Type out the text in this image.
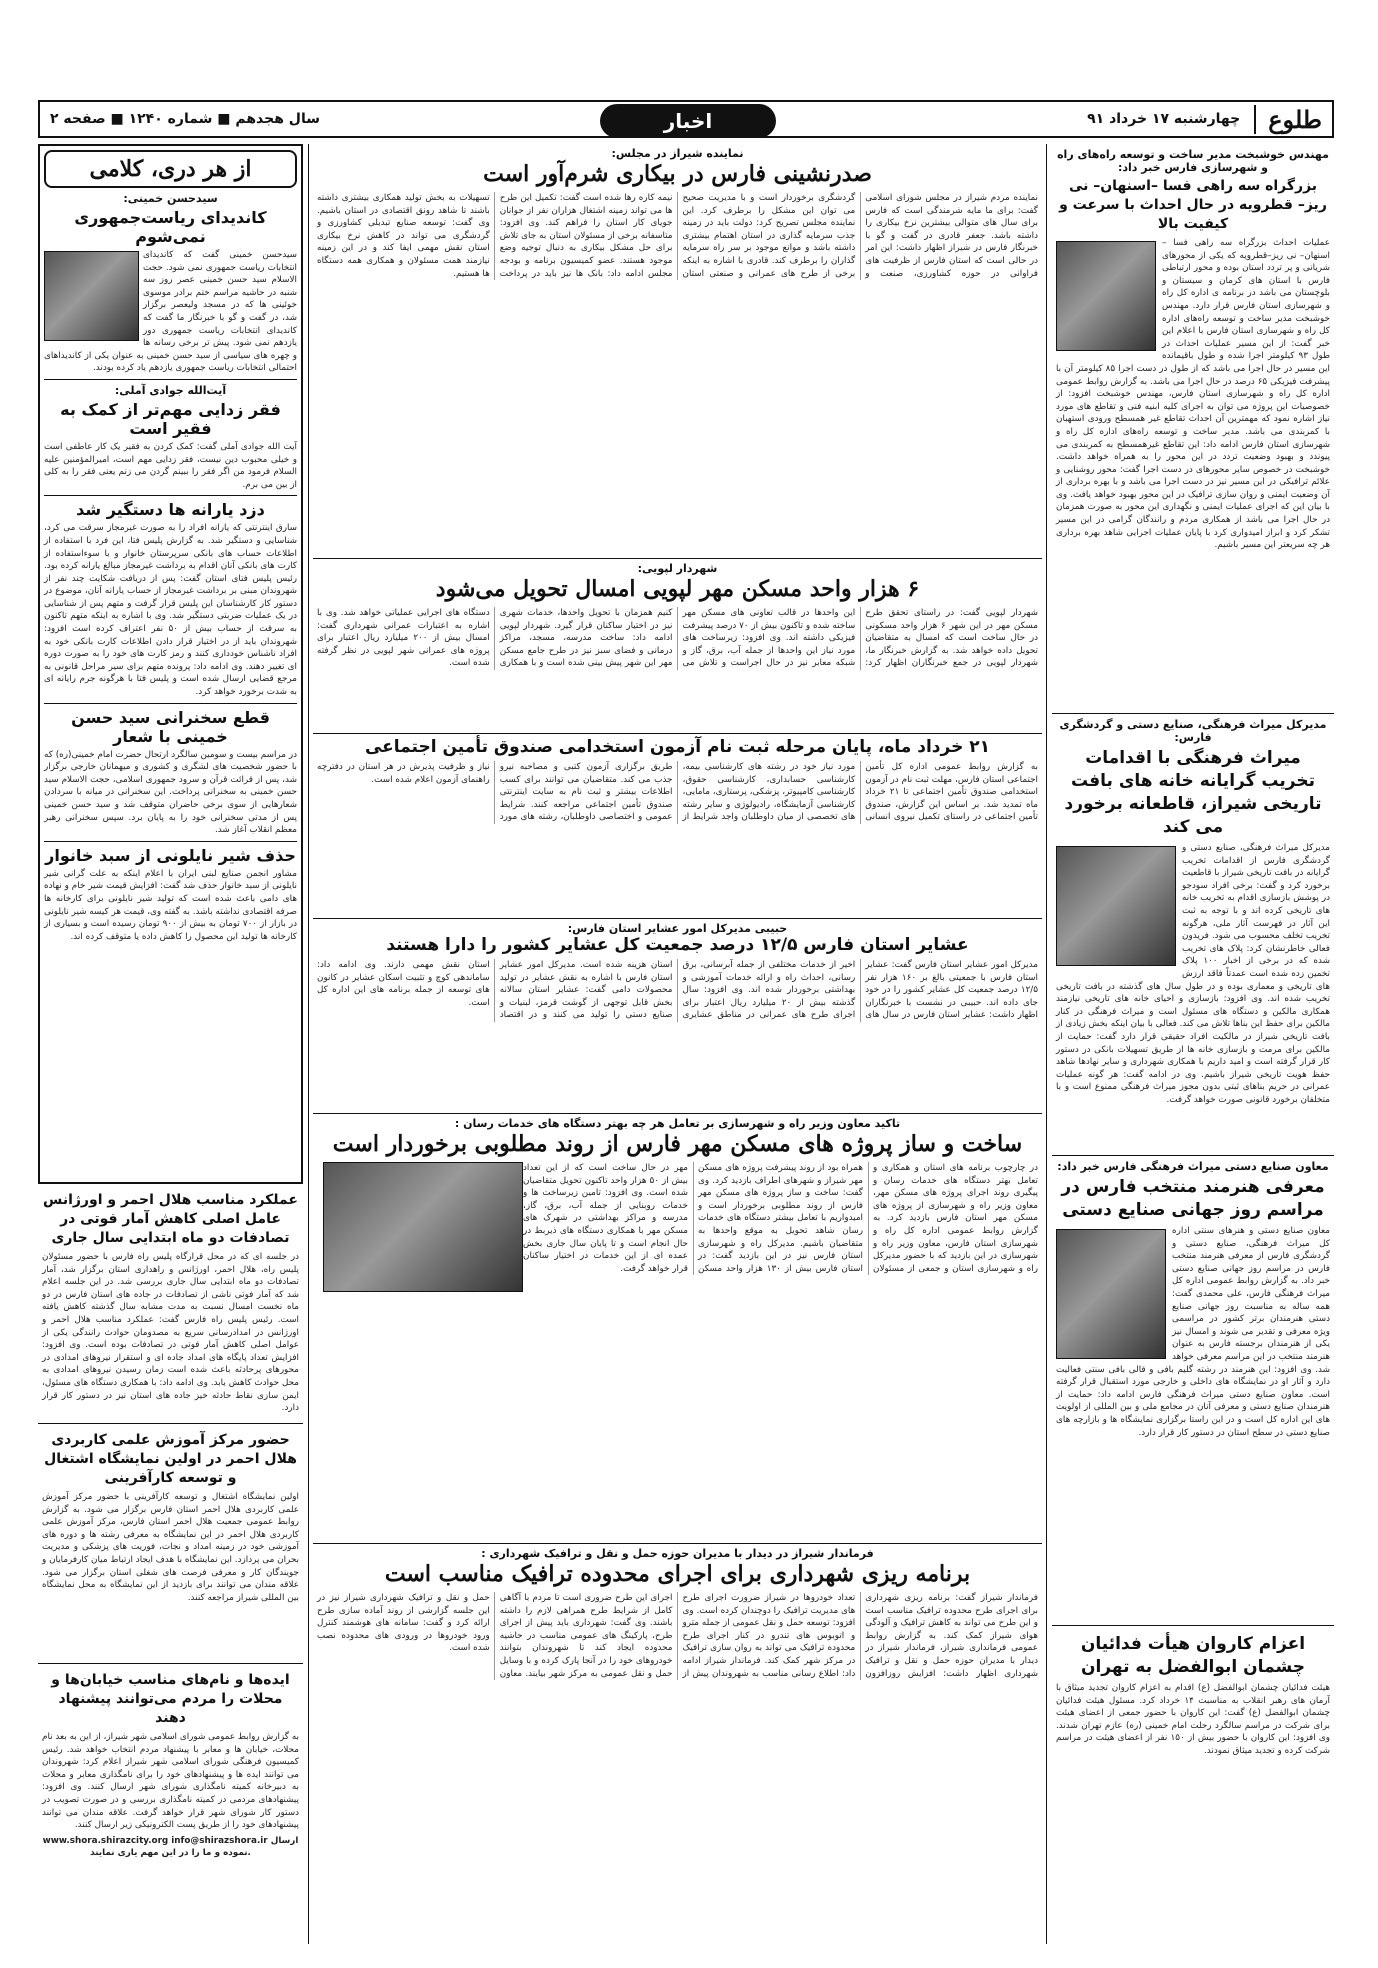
طلوع
چهارشنبه ۱۷ خرداد ۹۱
اخبار
سال هجدهم ■ شماره ۱۲۴۰ ■ صفحه ۲
مهندس خوشبخت مدیر ساخت و توسعه راه‌های راه و شهرسازی فارس خبر داد:
بزرگراه سه راهی فسا –اسنهان– نی ریز– قطرویه در حال احداث با سرعت و کیفیت بالا
عملیات احداث بزرگراه سه راهی فسا –اسنهان– نی ریز–قطرویه که یکی از محورهای شریانی و پر تردد استان بوده و محور ارتباطی فارس با استان های کرمان و سیستان و بلوچستان می باشد در برنامه ی اداره کل راه و شهرسازی استان فارس قرار دارد. مهندس خوشبخت مدیر ساخت و توسعه راه‌های اداره کل راه و شهرسازی استان فارس با اعلام این خبر گفت: از این مسیر عملیات احداث در طول ۹۳ کیلومتر اجرا شده و طول باقیمانده این مسیر در حال اجرا می باشد که از طول در دست اجرا ۸۵ کیلومتر آن با پیشرفت فیزیکی ۶۵ درصد در حال اجرا می باشد. به گزارش روابط عمومی اداره کل راه و شهرسازی استان فارس، مهندس خوشبخت افزود: از خصوصیات این پروژه می توان به اجرای کلیه ابنیه فنی و تقاطع های مورد نیاز اشاره نمود که مهمترین آن احداث تقاطع غیر همسطح ورودی استهبان با کمربندی می باشد. مدیر ساخت و توسعه راه‌های اداره کل راه و شهرسازی استان فارس ادامه داد: این تقاطع غیرهمسطح به کمربندی می پیوندد و بهبود وضعیت تردد در این محور را به همراه خواهد داشت. خوشبخت در خصوص سایر محورهای در دست اجرا گفت: محور روشنایی و علائم ترافیکی در این مسیر نیز در دست اجرا می باشد و با بهره برداری از آن وضعیت ایمنی و روان سازی ترافیک در این محور بهبود خواهد یافت. وی با بیان این که اجرای عملیات ایمنی و نگهداری این محور به صورت همزمان در حال اجرا می باشد از همکاری مردم و رانندگان گرامی در این مسیر تشکر کرد و ابراز امیدواری کرد با پایان عملیات اجرایی شاهد بهره برداری هر چه سریعتر این مسیر باشیم.
مدیرکل میراث فرهنگی، صنایع دستی و گردشگری فارس:
میراث فرهنگی با اقدامات تخریب گرایانه خانه های بافت تاریخی شیراز، قاطعانه برخورد می کند
مدیرکل میراث فرهنگی، صنایع دستی و گردشگری فارس از اقدامات تخریب گرایانه در بافت تاریخی شیراز با قاطعیت برخورد کرد و گفت: برخی افراد سودجو در پوشش بازسازی اقدام به تخریب خانه های تاریخی کرده اند و با توجه به ثبت این آثار در فهرست آثار ملی، هرگونه تخریب تخلف محسوب می شود. فریدون فعالی خاطرنشان کرد: پلاک های تخریب شده که در برخی از اخبار ۱۰۰ پلاک تخمین زده شده است عمدتاً فاقد ارزش های تاریخی و معماری بوده و در طول سال های گذشته در بافت تاریخی تخریب شده اند. وی افزود: بازسازی و احیای خانه های تاریخی نیازمند همکاری مالکین و دستگاه های مسئول است و میراث فرهنگی در کنار مالکین برای حفظ این بناها تلاش می کند. فعالی با بیان اینکه بخش زیادی از بافت تاریخی شیراز در مالکیت افراد حقیقی قرار دارد گفت: حمایت از مالکین برای مرمت و بازسازی خانه ها از طریق تسهیلات بانکی در دستور کار قرار گرفته است و امید داریم با همکاری شهرداری و سایر نهادها شاهد حفظ هویت تاریخی شیراز باشیم. وی در ادامه گفت: هر گونه عملیات عمرانی در حریم بناهای ثبتی بدون مجوز میراث فرهنگی ممنوع است و با متخلفان برخورد قانونی صورت خواهد گرفت.
معاون صنایع دستی میراث فرهنگی فارس خبر داد:
معرفی هنرمند منتخب فارس در مراسم روز جهانی صنایع دستی
معاون صنایع دستی و هنرهای سنتی اداره کل میراث فرهنگی، صنایع دستی و گردشگری فارس از معرفی هنرمند منتخب فارس در مراسم روز جهانی صنایع دستی خبر داد. به گزارش روابط عمومی اداره کل میراث فرهنگی فارس، علی محمدی گفت: همه ساله به مناسبت روز جهانی صنایع دستی هنرمندان برتر کشور در مراسمی ویژه معرفی و تقدیر می شوند و امسال نیز یکی از هنرمندان برجسته فارس به عنوان هنرمند منتخب در این مراسم معرفی خواهد شد. وی افزود: این هنرمند در رشته گلیم بافی و قالی بافی سنتی فعالیت دارد و آثار او در نمایشگاه های داخلی و خارجی مورد استقبال قرار گرفته است. معاون صنایع دستی میراث فرهنگی فارس ادامه داد: حمایت از هنرمندان صنایع دستی و معرفی آنان در مجامع ملی و بین المللی از اولویت های این اداره کل است و در این راستا برگزاری نمایشگاه ها و بازارچه های صنایع دستی در سطح استان در دستور کار قرار دارد.
اعزام کاروان هیأت فدائیان چشمان ابوالفضل به تهران
هیئت فدائیان چشمان ابوالفضل (ع) اقدام به اعزام کاروان تجدید میثاق با آرمان های رهبر انقلاب به مناسبت ۱۴ خرداد کرد. مسئول هیئت فدائیان چشمان ابوالفضل (ع) گفت: این کاروان با حضور جمعی از اعضای هیئت برای شرکت در مراسم سالگرد رحلت امام خمینی (ره) عازم تهران شدند. وی افزود: این کاروان با حضور بیش از ۱۵۰ نفر از اعضای هیئت در مراسم شرکت کرده و تجدید میثاق نمودند.
نماینده شیراز در مجلس:
صدرنشینی فارس در بیکاری شرم‌آور است
نماینده مردم شیراز در مجلس شورای اسلامی گفت: برای ما مایه شرمندگی است که فارس برای سال های متوالی بیشترین نرخ بیکاری را داشته باشد. جعفر قادری در گفت و گو با خبرنگار فارس در شیراز اظهار داشت: این امر در حالی است که استان فارس از ظرفیت های فراوانی در حوزه کشاورزی، صنعت و گردشگری برخوردار است و با مدیریت صحیح می توان این مشکل را برطرف کرد. این نماینده مجلس تصریح کرد: دولت باید در زمینه جذب سرمایه گذاری در استان اهتمام بیشتری داشته باشد و موانع موجود بر سر راه سرمایه گذاران را برطرف کند. قادری با اشاره به اینکه برخی از طرح های عمرانی و صنعتی استان نیمه کاره رها شده است گفت: تکمیل این طرح ها می تواند زمینه اشتغال هزاران نفر از جوانان جویای کار استان را فراهم کند. وی افزود: متاسفانه برخی از مسئولان استان به جای تلاش برای حل مشکل بیکاری به دنبال توجیه وضع موجود هستند. عضو کمیسیون برنامه و بودجه مجلس ادامه داد: بانک ها نیز باید در پرداخت تسهیلات به بخش تولید همکاری بیشتری داشته باشند تا شاهد رونق اقتصادی در استان باشیم. وی گفت: توسعه صنایع تبدیلی کشاورزی و گردشگری می تواند در کاهش نرخ بیکاری استان نقش مهمی ایفا کند و در این زمینه نیازمند همت مسئولان و همکاری همه دستگاه ها هستیم.
شهردار لپویی:
۶ هزار واحد مسکن مهر لپویی امسال تحویل می‌شود
شهردار لپویی گفت: در راستای تحقق طرح مسکن مهر در این شهر ۶ هزار واحد مسکونی در حال ساخت است که امسال به متقاضیان تحویل داده خواهد شد. به گزارش خبرنگار ما، شهردار لپویی در جمع خبرنگاران اظهار کرد: این واحدها در قالب تعاونی های مسکن مهر ساخته شده و تاکنون بیش از ۷۰ درصد پیشرفت فیزیکی داشته اند. وی افزود: زیرساخت های مورد نیاز این واحدها از جمله آب، برق، گاز و شبکه معابر نیز در حال اجراست و تلاش می کنیم همزمان با تحویل واحدها، خدمات شهری نیز در اختیار ساکنان قرار گیرد. شهردار لپویی ادامه داد: ساخت مدرسه، مسجد، مراکز درمانی و فضای سبز نیز در طرح جامع مسکن مهر این شهر پیش بینی شده است و با همکاری دستگاه های اجرایی عملیاتی خواهد شد. وی با اشاره به اعتبارات عمرانی شهرداری گفت: امسال بیش از ۲۰۰ میلیارد ریال اعتبار برای پروژه های عمرانی شهر لپویی در نظر گرفته شده است.
۲۱ خرداد ماه، پایان مرحله ثبت نام آزمون استخدامی صندوق تأمین اجتماعی
به گزارش روابط عمومی اداره کل تأمین اجتماعی استان فارس، مهلت ثبت نام در آزمون استخدامی صندوق تأمین اجتماعی تا ۲۱ خرداد ماه تمدید شد. بر اساس این گزارش، صندوق تأمین اجتماعی در راستای تکمیل نیروی انسانی مورد نیاز خود در رشته های کارشناسی بیمه، کارشناسی حسابداری، کارشناسی حقوق، کارشناسی کامپیوتر، پزشکی، پرستاری، مامایی، کارشناسی آزمایشگاه، رادیولوژی و سایر رشته های تخصصی از میان داوطلبان واجد شرایط از طریق برگزاری آزمون کتبی و مصاحبه نیرو جذب می کند. متقاضیان می توانند برای کسب اطلاعات بیشتر و ثبت نام به سایت اینترنتی صندوق تأمین اجتماعی مراجعه کنند. شرایط عمومی و اختصاصی داوطلبان، رشته های مورد نیاز و ظرفیت پذیرش در هر استان در دفترچه راهنمای آزمون اعلام شده است.
حبیبی مدیرکل امور عشایر استان فارس:
عشایر استان فارس ۱۲/۵ درصد جمعیت کل عشایر کشور را دارا هستند
مدیرکل امور عشایر استان فارس گفت: عشایر استان فارس با جمعیتی بالغ بر ۱۶۰ هزار نفر ۱۲/۵ درصد جمعیت کل عشایر کشور را در خود جای داده اند. حبیبی در نشست با خبرنگاران اظهار داشت: عشایر استان فارس در سال های اخیر از خدمات مختلفی از جمله آبرسانی، برق رسانی، احداث راه و ارائه خدمات آموزشی و بهداشتی برخوردار شده اند. وی افزود: سال گذشته بیش از ۲۰ میلیارد ریال اعتبار برای اجرای طرح های عمرانی در مناطق عشایری استان هزینه شده است. مدیرکل امور عشایر استان فارس با اشاره به نقش عشایر در تولید محصولات دامی گفت: عشایر استان سالانه بخش قابل توجهی از گوشت قرمز، لبنیات و صنایع دستی را تولید می کنند و در اقتصاد استان نقش مهمی دارند. وی ادامه داد: ساماندهی کوچ و تثبیت اسکان عشایر در کانون های توسعه از جمله برنامه های این اداره کل است.
تاکید معاون وزیر راه و شهرسازی بر تعامل هر چه بهتر دستگاه های خدمات رسان :
ساخت و ساز پروژه های مسکن مهر فارس از روند مطلوبی برخوردار است
در چارچوب برنامه های استان و همکاری و تعامل بهتر دستگاه های خدمات رسان و پیگیری روند اجرای پروژه های مسکن مهر، معاون وزیر راه و شهرسازی از پروژه های مسکن مهر استان فارس بازدید کرد. به گزارش روابط عمومی اداره کل راه و شهرسازی استان فارس، معاون وزیر راه و شهرسازی در این بازدید که با حضور مدیرکل راه و شهرسازی استان و جمعی از مسئولان همراه بود از روند پیشرفت پروژه های مسکن مهر شیراز و شهرهای اطراف بازدید کرد. وی گفت: ساخت و ساز پروژه های مسکن مهر فارس از روند مطلوبی برخوردار است و امیدواریم با تعامل بیشتر دستگاه های خدمات رسان شاهد تحویل به موقع واحدها به متقاضیان باشیم. مدیرکل راه و شهرسازی استان فارس نیز در این بازدید گفت: در استان فارس بیش از ۱۳۰ هزار واحد مسکن مهر در حال ساخت است که از این تعداد بیش از ۵۰ هزار واحد تاکنون تحویل متقاضیان شده است. وی افزود: تامین زیرساخت ها و خدمات روبنایی از جمله آب، برق، گاز، مدرسه و مراکز بهداشتی در شهرک های مسکن مهر با همکاری دستگاه های ذیربط در حال انجام است و تا پایان سال جاری بخش عمده ای از این خدمات در اختیار ساکنان قرار خواهد گرفت.
فرماندار شیراز در دیدار با مدیران حوزه حمل و نقل و ترافیک شهرداری :
برنامه ریزی شهرداری برای اجرای محدوده ترافیک مناسب است
فرماندار شیراز گفت: برنامه ریزی شهرداری برای اجرای طرح محدوده ترافیک مناسب است و این طرح می تواند به کاهش ترافیک و آلودگی هوای شیراز کمک کند. به گزارش روابط عمومی فرمانداری شیراز، فرماندار شیراز در دیدار با مدیران حوزه حمل و نقل و ترافیک شهرداری اظهار داشت: افزایش روزافزون تعداد خودروها در شیراز ضرورت اجرای طرح های مدیریت ترافیک را دوچندان کرده است. وی افزود: توسعه حمل و نقل عمومی از جمله مترو و اتوبوس های تندرو در کنار اجرای طرح محدوده ترافیک می تواند به روان سازی ترافیک در مرکز شهر کمک کند. فرماندار شیراز ادامه داد: اطلاع رسانی مناسب به شهروندان پیش از اجرای این طرح ضروری است تا مردم با آگاهی کامل از شرایط طرح همراهی لازم را داشته باشند. وی گفت: شهرداری باید پیش از اجرای طرح، پارکینگ های عمومی مناسب در حاشیه محدوده ایجاد کند تا شهروندان بتوانند خودروهای خود را در آنجا پارک کرده و با وسایل حمل و نقل عمومی به مرکز شهر بیایند. معاون حمل و نقل و ترافیک شهرداری شیراز نیز در این جلسه گزارشی از روند آماده سازی طرح ارائه کرد و گفت: سامانه های هوشمند کنترل ورود خودروها در ورودی های محدوده نصب شده است.
از هر دری، کلامی
سیدحسن خمینی:
کاندیدای ریاست‌جمهوری نمی‌شوم
سیدحسن خمینی گفت که کاندیدای انتخابات ریاست جمهوری نمی شود. حجت الاسلام سید حسن خمینی عصر روز سه شنبه در حاشیه مراسم ختم برادر موسوی خوئینی ها که در مسجد ولیعصر برگزار شد، در گفت و گو با خبرنگار ما گفت که کاندیدای انتخابات ریاست جمهوری دور یازدهم نمی شود. پیش تر برخی رسانه ها و چهره های سیاسی از سید حسن خمینی به عنوان یکی از کاندیداهای احتمالی انتخابات ریاست جمهوری یازدهم یاد کرده بودند.
آیت‌الله جوادی آملی:
فقر زدایی مهم‌تر از کمک به فقیر است
آیت الله جوادی آملی گفت: کمک کردن به فقیر یک کار عاطفی است و خیلی محبوب دین نیست، فقر زدایی مهم است، امیرالمؤمنین علیه السلام فرمود من اگر فقر را ببینم گردن می زنم یعنی فقر را به کلی از بین می برم.
دزد یارانه ها دستگیر شد
سارق اینترنتی که یارانه افراد را به صورت غیرمجاز سرقت می کرد، شناسایی و دستگیر شد. به گزارش پلیس فتا، این فرد با استفاده از اطلاعات حساب های بانکی سرپرستان خانوار و با سوءاستفاده از کارت های بانکی آنان اقدام به برداشت غیرمجاز مبالغ یارانه کرده بود. رئیس پلیس فتای استان گفت: پس از دریافت شکایت چند نفر از شهروندان مبنی بر برداشت غیرمجاز از حساب یارانه آنان، موضوع در دستور کار کارشناسان این پلیس قرار گرفت و متهم پس از شناسایی در یک عملیات ضربتی دستگیر شد. وی با اشاره به اینکه متهم تاکنون به سرقت از حساب بیش از ۵۰ نفر اعتراف کرده است افزود: شهروندان باید از در اختیار قرار دادن اطلاعات کارت بانکی خود به افراد ناشناس خودداری کنند و رمز کارت های خود را به صورت دوره ای تغییر دهند. وی ادامه داد: پرونده متهم برای سیر مراحل قانونی به مرجع قضایی ارسال شده است و پلیس فتا با هرگونه جرم رایانه ای به شدت برخورد خواهد کرد.
قطع سخنرانی سید حسن خمینی با شعار
در مراسم بیست و سومین سالگرد ارتحال حضرت امام خمینی(ره) که با حضور شخصیت های لشگری و کشوری و میهمانان خارجی برگزار شد، پس از قرائت قرآن و سرود جمهوری اسلامی، حجت الاسلام سید حسن خمینی به سخنرانی پرداخت. این سخنرانی در میانه با سردادن شعارهایی از سوی برخی حاضران متوقف شد و سید حسن خمینی پس از مدتی سخنرانی خود را به پایان برد. سپس سخنرانی رهبر معظم انقلاب آغاز شد.
حذف شیر نایلونی از سبد خانوار
مشاور انجمن صنایع لبنی ایران با اعلام اینکه به علت گرانی شیر نایلونی از سبد خانوار حذف شد گفت: افزایش قیمت شیر خام و نهاده های دامی باعث شده است که تولید شیر نایلونی برای کارخانه ها صرفه اقتصادی نداشته باشد. به گفته وی، قیمت هر کیسه شیر نایلونی در بازار از ۷۰۰ تومان به بیش از ۹۰۰ تومان رسیده است و بسیاری از کارخانه ها تولید این محصول را کاهش داده یا متوقف کرده اند.
عملکرد مناسب هلال احمر و اورژانس عامل اصلی کاهش آمار فوتی در تصادفات دو ماه ابتدایی سال جاری
در جلسه ای که در محل قرارگاه پلیس راه فارس با حضور مسئولان پلیس راه، هلال احمر، اورژانس و راهداری استان برگزار شد، آمار تصادفات دو ماه ابتدایی سال جاری بررسی شد. در این جلسه اعلام شد که آمار فوتی ناشی از تصادفات در جاده های استان فارس در دو ماه نخست امسال نسبت به مدت مشابه سال گذشته کاهش یافته است. رئیس پلیس راه فارس گفت: عملکرد مناسب هلال احمر و اورژانس در امدادرسانی سریع به مصدومان حوادث رانندگی یکی از عوامل اصلی کاهش آمار فوتی در تصادفات بوده است. وی افزود: افزایش تعداد پایگاه های امداد جاده ای و استقرار نیروهای امدادی در محورهای پرحادثه باعث شده است زمان رسیدن نیروهای امدادی به محل حوادث کاهش یابد. وی ادامه داد: با همکاری دستگاه های مسئول، ایمن سازی نقاط حادثه خیز جاده های استان نیز در دستور کار قرار دارد.
حضور مرکز آموزش علمی کاربردی هلال احمر در اولین نمایشگاه اشتغال و توسعه کارآفرینی
اولین نمایشگاه اشتغال و توسعه کارآفرینی با حضور مرکز آموزش علمی کاربردی هلال احمر استان فارس برگزار می شود. به گزارش روابط عمومی جمعیت هلال احمر استان فارس، مرکز آموزش علمی کاربردی هلال احمر در این نمایشگاه به معرفی رشته ها و دوره های آموزشی خود در زمینه امداد و نجات، فوریت های پزشکی و مدیریت بحران می پردازد. این نمایشگاه با هدف ایجاد ارتباط میان کارفرمایان و جویندگان کار و معرفی فرصت های شغلی استان برگزار می شود. علاقه مندان می توانند برای بازدید از این نمایشگاه به محل نمایشگاه بین المللی شیراز مراجعه کنند.
ایده‌ها و نام‌های مناسب خیابان‌ها و محلات را مردم می‌توانند پیشنهاد دهند
به گزارش روابط عمومی شورای اسلامی شهر شیراز، از این به بعد نام محلات، خیابان ها و معابر با پیشنهاد مردم انتخاب خواهد شد. رئیس کمیسیون فرهنگی شورای اسلامی شهر شیراز اعلام کرد: شهروندان می توانند ایده ها و پیشنهادهای خود را برای نامگذاری معابر و محلات به دبیرخانه کمیته نامگذاری شورای شهر ارسال کنند. وی افزود: پیشنهادهای مردمی در کمیته نامگذاری بررسی و در صورت تصویب در دستور کار شورای شهر قرار خواهد گرفت. علاقه مندان می توانند پیشنهادهای خود را از طریق پست الکترونیکی زیر ارسال کنند.
www.shora.shirazcity.org info@shirazshora.ir ارسال نموده و ما را در این مهم یاری نمایند.
